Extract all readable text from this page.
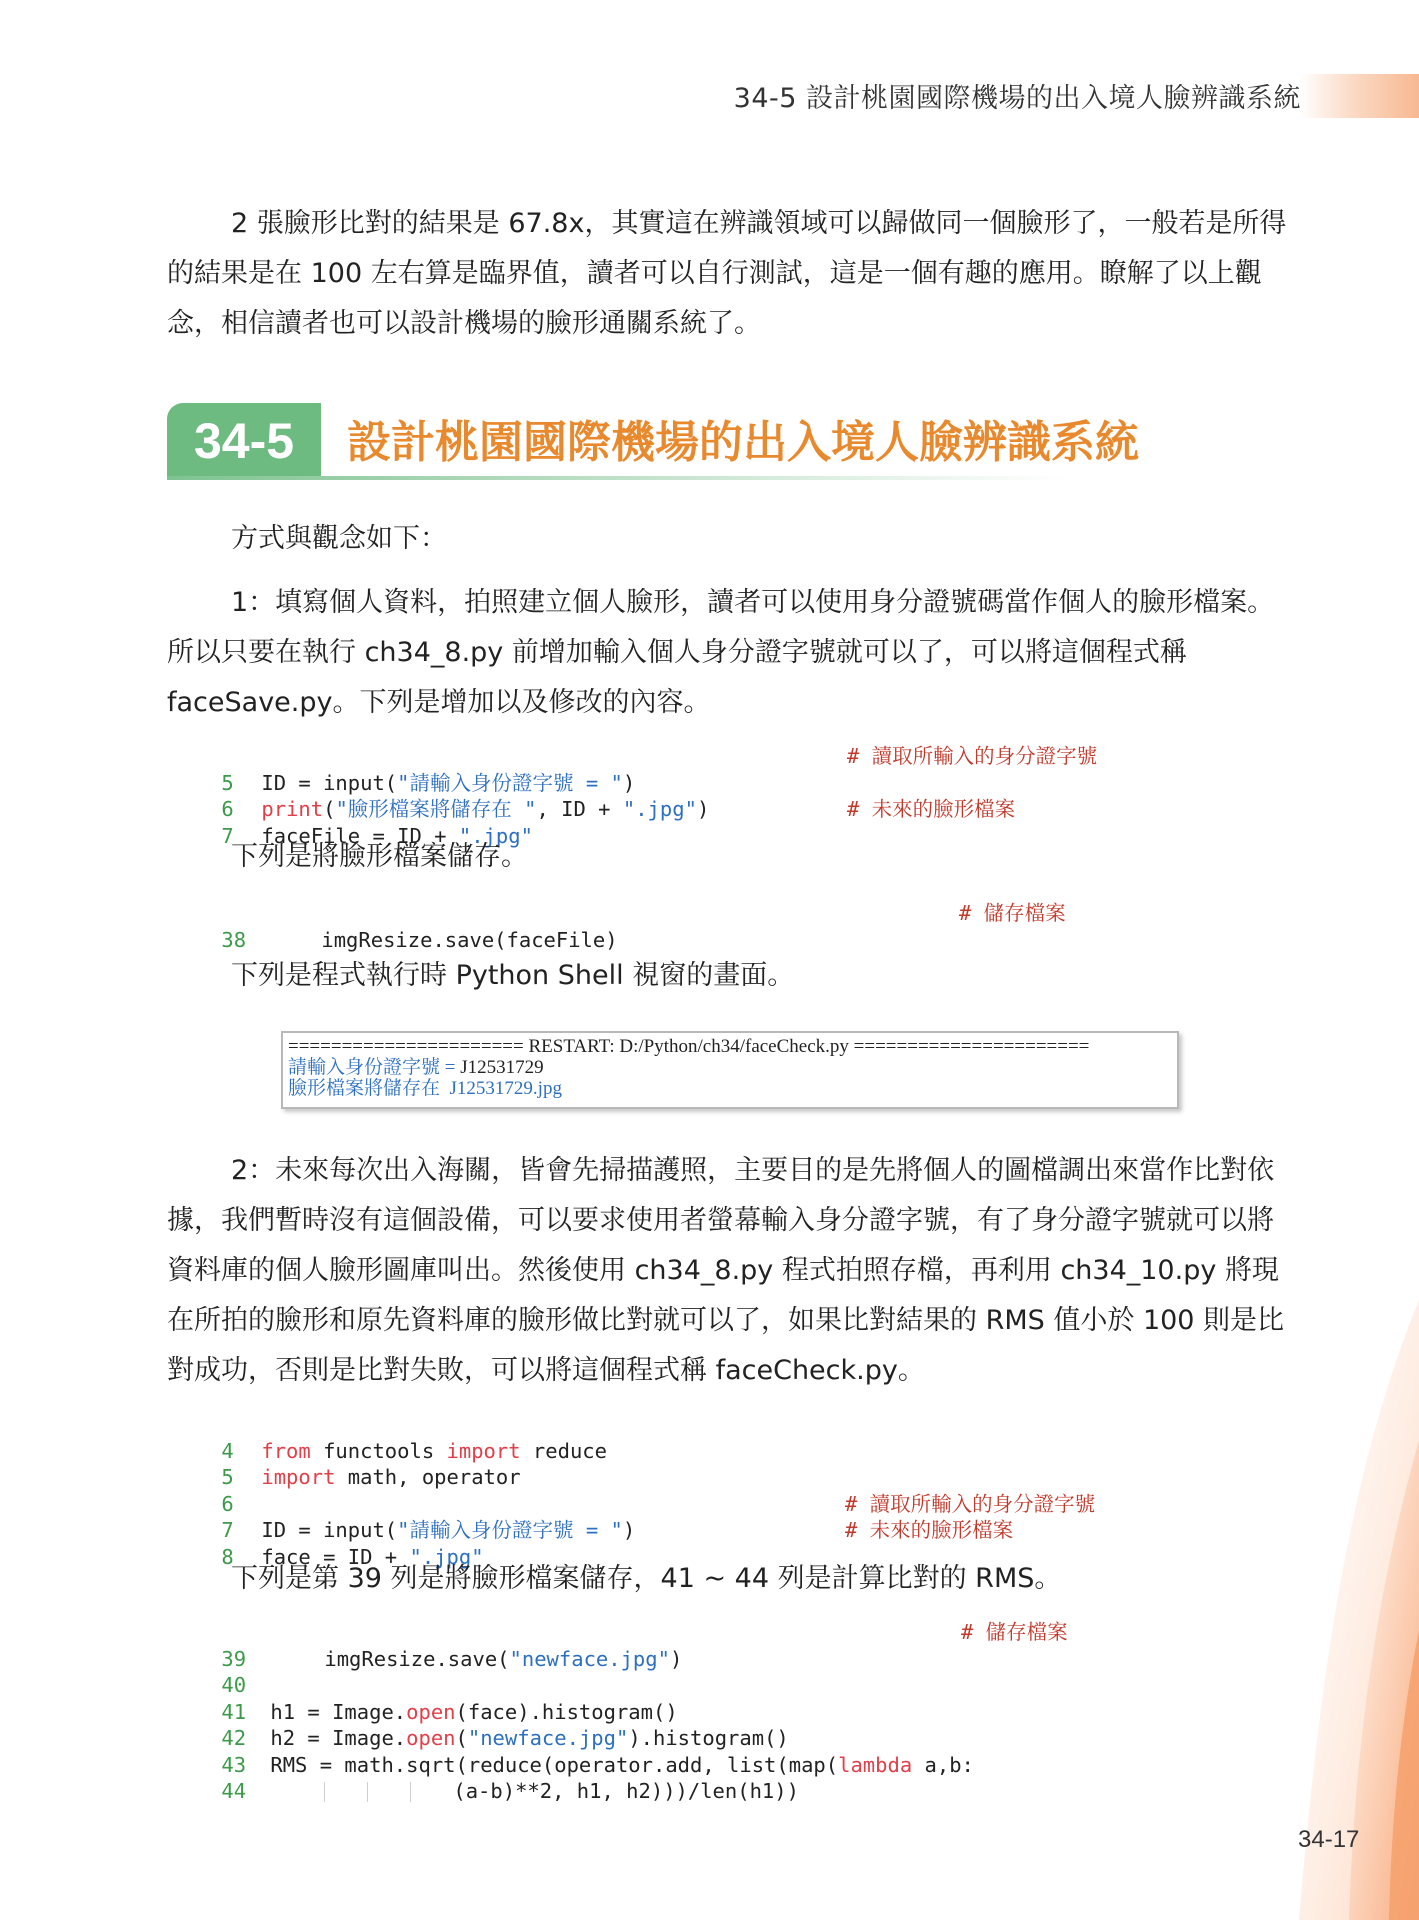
34-5 設計桃園國際機場的出入境人臉辨識系統

2 張臉形比對的結果是 67.8x，其實這在辨識領域可以歸做同一個臉形了，一般若是所得的結果是在 100 左右算是臨界值，讀者可以自行測試，這是一個有趣的應用。瞭解了以上觀念，相信讀者也可以設計機場的臉形通關系統了。

34-5	設計桃園國際機場的出入境人臉辨識系統

方式與觀念如下：

1：填寫個人資料，拍照建立個人臉形，讀者可以使用身分證號碼當作個人的臉形檔案。所以只要在執行 ch34_8.py 前增加輸入個人身分證字號就可以了，可以將這個程式稱 faceSave.py。下列是增加以及修改的內容。

5 ID = input("請輸入身份證字號 = ")

# 讀取所輸入的身分證字號

6 print("臉形檔案將儲存在 ", ID + ".jpg")

7 faceFile = ID + ".jpg"

# 未來的臉形檔案

下列是將臉形檔案儲存。

38	imgResize.save(faceFile)

# 儲存檔案

下列是程式執行時 Python Shell 視窗的畫面。

====================== RESTART: D:/Python/ch34/faceCheck.py ======================
請輸入身份證字號 = J12531729
臉形檔案將儲存在  J12531729.jpg

2：未來每次出入海關，皆會先掃描護照，主要目的是先將個人的圖檔調出來當作比對依據，我們暫時沒有這個設備，可以要求使用者螢幕輸入身分證字號，有了身分證字號就可以將資料庫的個人臉形圖庫叫出。然後使用 ch34_8.py 程式拍照存檔，再利用 ch34_10.py 將現在所拍的臉形和原先資料庫的臉形做比對就可以了，如果比對結果的 RMS 值小於 100 則是比對成功，否則是比對失敗，可以將這個程式稱 faceCheck.py。

4 from functools import reduce

5 import math, operator

6

7 ID = input("請輸入身份證字號 = ")

# 讀取所輸入的身分證字號

8 face = ID + ".jpg"

# 未來的臉形檔案

下列是第 39 列是將臉形檔案儲存，41 ~ 44 列是計算比對的 RMS。

39	imgResize.save("newface.jpg")

# 儲存檔案

40

41 h1 = Image.open(face).histogram()

42 h2 = Image.open("newface.jpg").histogram()

43 RMS = math.sqrt(reduce(operator.add, list(map(lambda a,b:

44	(a-b)**2, h1, h2)))/len(h1))

34-17
